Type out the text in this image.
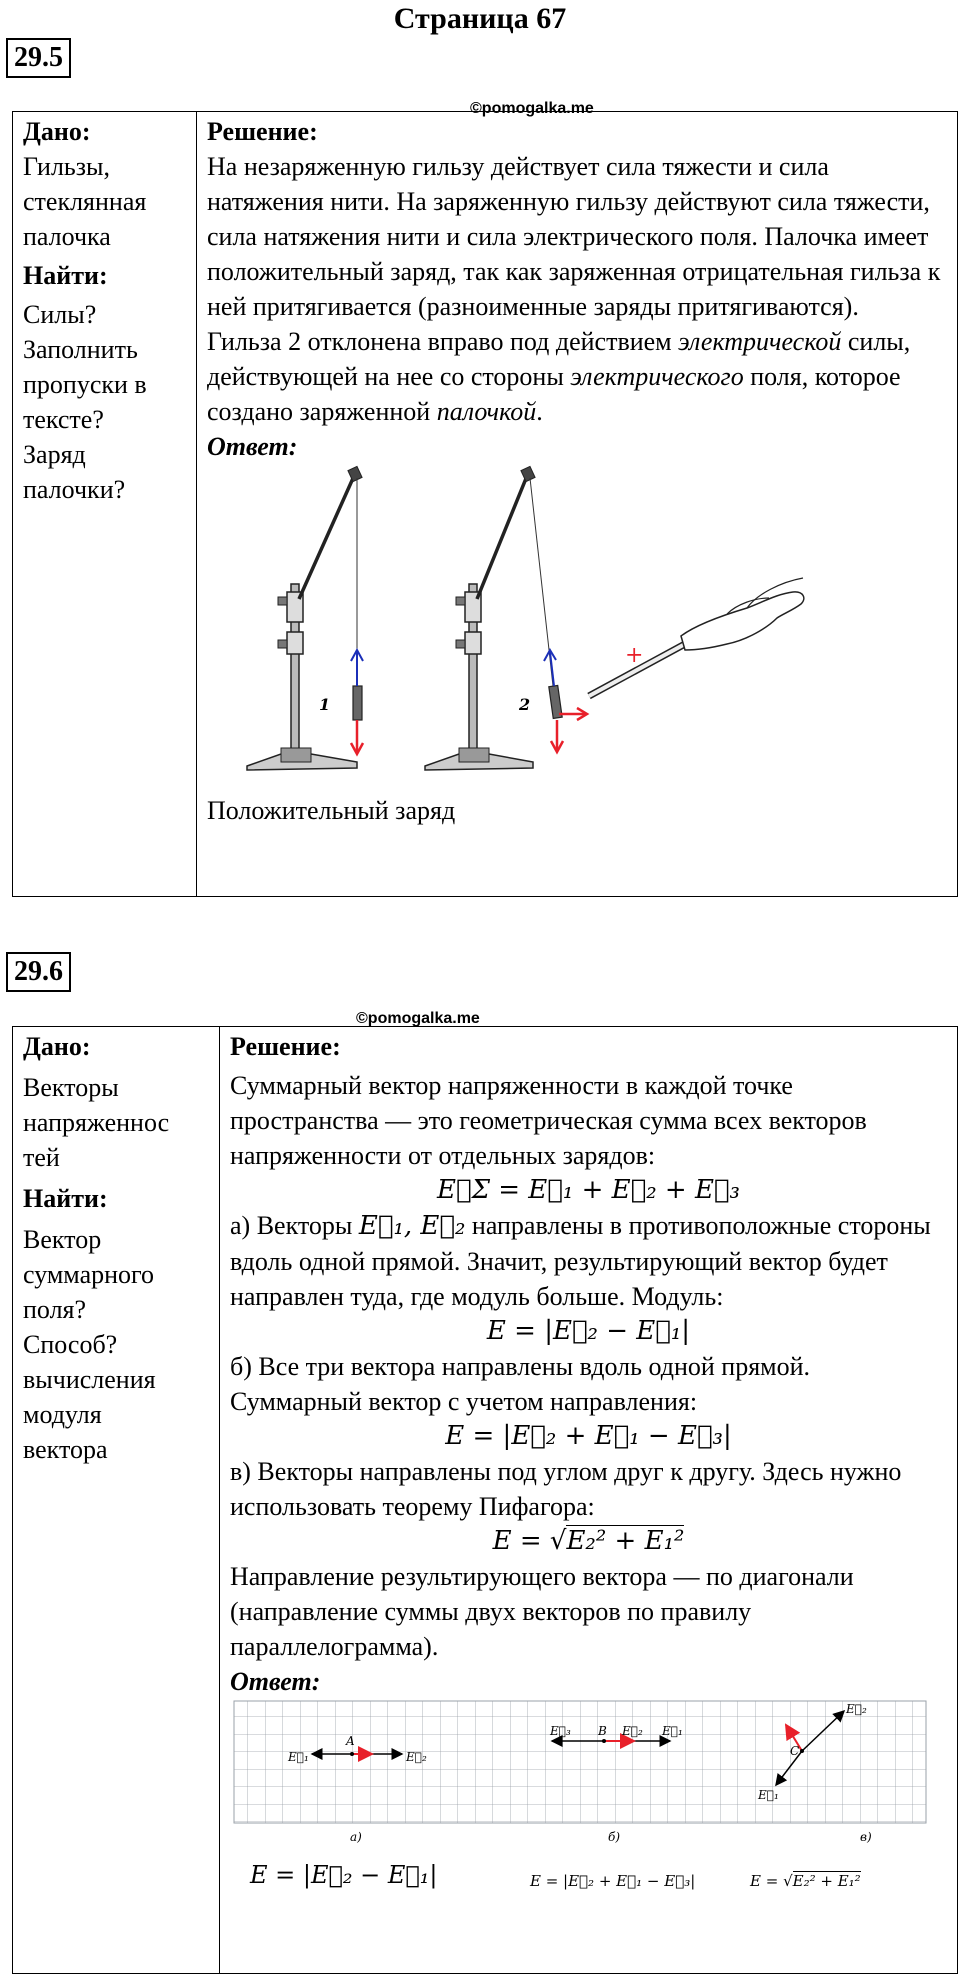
Страница 67
29.5
©pomogalka.me
Дано:
Гильзы,
стеклянная
палочка
Найти:
Силы?
Заполнить
пропуски в
тексте?
Заряд
палочки?

Решение:
На незаряженную гильзу действует сила тяжести и сила натяжения нити. На заряженную гильзу действуют сила тяжести, сила натяжения нити и сила электрического поля. Палочка имеет положительный заряд, так как заряженная отрицательная гильза к ней притягивается (разноименные заряды притягиваются).
Гильза 2 отклонена вправо под действием электрической силы, действующей на нее со стороны электрического поля, которое создано заряженной палочкой.
Ответ:
1	2
+
Положительный заряд
29.6
©pomogalka.me
Дано:
Векторы
напряженнос
тей
Найти:
Вектор
суммарного
поля?
Способ?
вычисления
модуля
вектора

Решение:
Суммарный вектор напряженности в каждой точке пространства — это геометрическая сумма всех векторов напряженности от отдельных зарядов:
E⃗Σ = E⃗₁ + E⃗₂ + E⃗₃
а) Векторы E⃗₁, E⃗₂ направлены в противоположные стороны вдоль одной прямой. Значит, результирующий вектор будет направлен туда, где модуль больше. Модуль:
E = |E⃗₂ − E⃗₁|
б) Все три вектора направлены вдоль одной прямой. Суммарный вектор с учетом направления:
E = |E⃗₂ + E⃗₁ − E⃗₃|
в) Векторы направлены под углом друг к другу. Здесь нужно использовать теорему Пифагора:
E = √E₂² + E₁²
Направление результирующего вектора — по диагонали (направление суммы двух векторов по правилу параллелограмма).
Ответ:
A
E⃗₁	E⃗₂
а)
B
E⃗₃	E⃗₂ E⃗₁
б)
C
E⃗₂
E⃗₁
в)
E = |E⃗₂ − E⃗₁|	E = |E⃗₂ + E⃗₁ − E⃗₃|	E = √E₂² + E₁²
